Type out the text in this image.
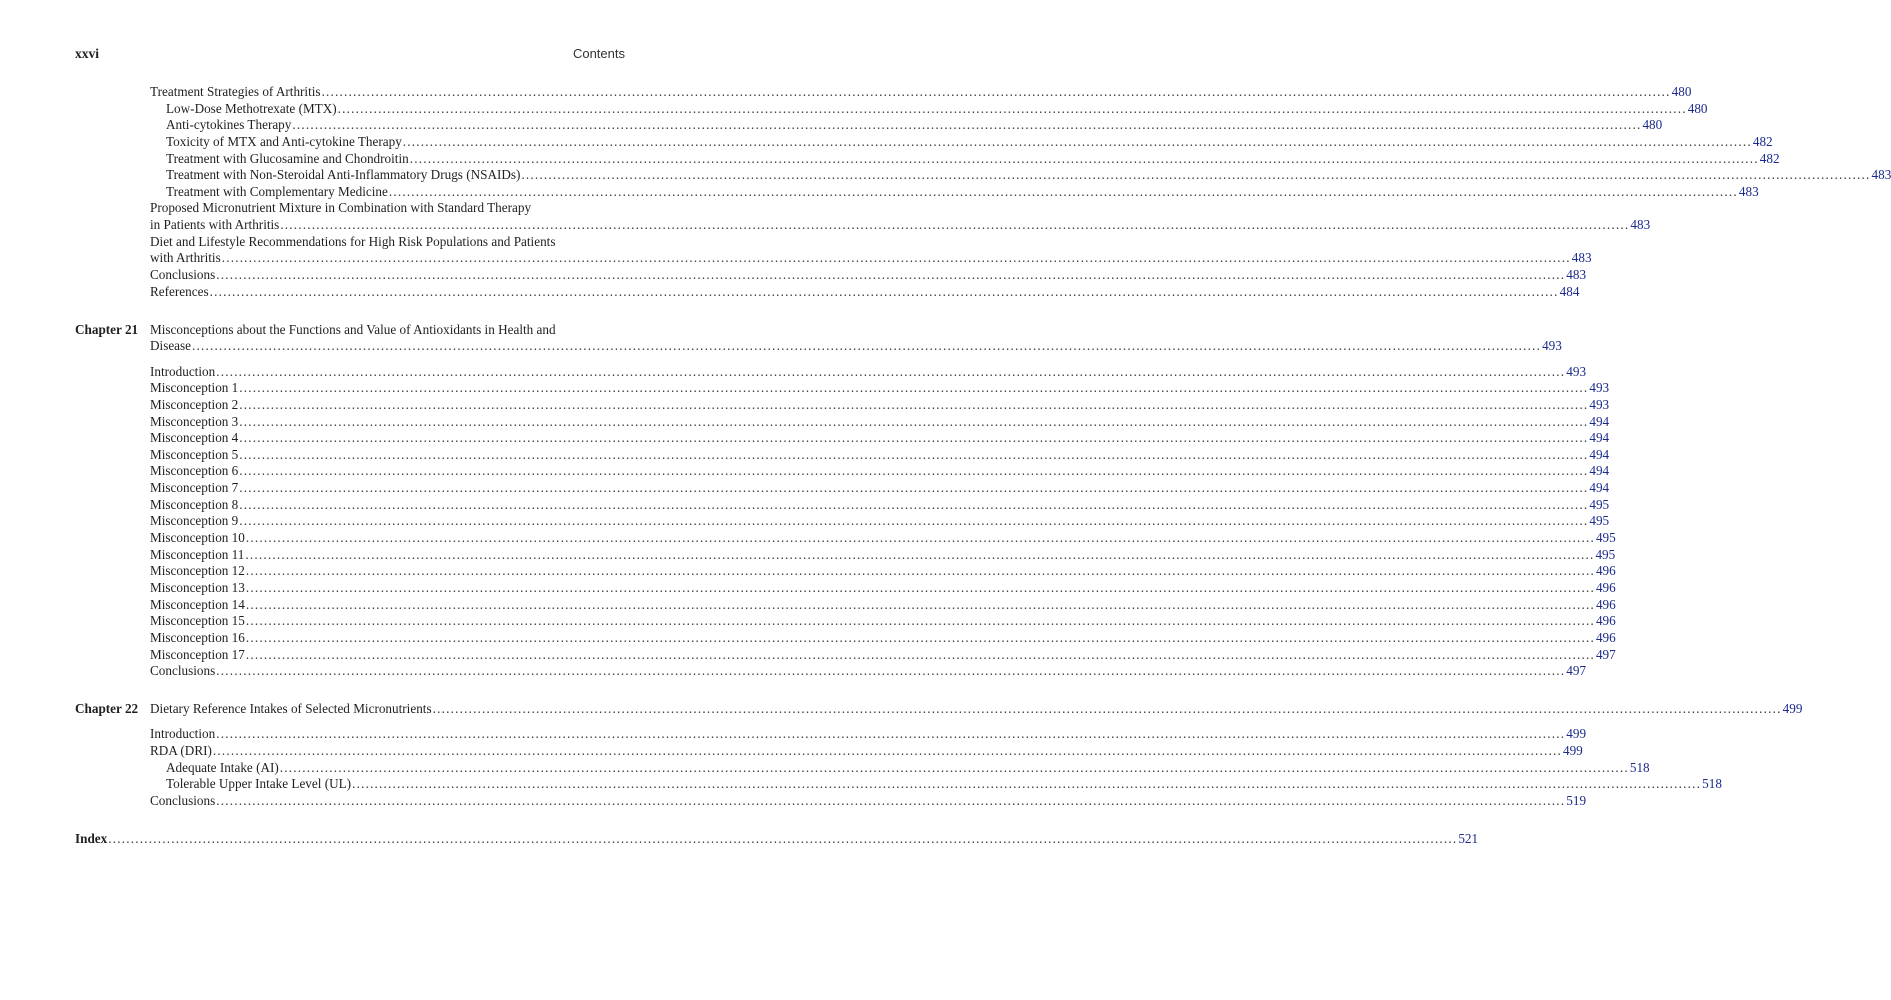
xxvi	Contents
Treatment Strategies of Arthritis ............................................................................................................................................................................................................................................................................................................ 480
Low-Dose Methotrexate (MTX) ............................................................................................................................................................................................................................................................................................................ 480
Anti-cytokines Therapy ............................................................................................................................................................................................................................................................................................................ 480
Toxicity of MTX and Anti-cytokine Therapy ............................................................................................................................................................................................................................................................................................................ 482
Treatment with Glucosamine and Chondroitin ............................................................................................................................................................................................................................................................................................................ 482
Treatment with Non-Steroidal Anti-Inflammatory Drugs (NSAIDs) ............................................................................................................................................................................................................................................................................................................ 483
Treatment with Complementary Medicine ............................................................................................................................................................................................................................................................................................................ 483
Proposed Micronutrient Mixture in Combination with Standard Therapy
in Patients with Arthritis ............................................................................................................................................................................................................................................................................................................ 483
Diet and Lifestyle Recommendations for High Risk Populations and Patients
with Arthritis ............................................................................................................................................................................................................................................................................................................ 483
Conclusions ............................................................................................................................................................................................................................................................................................................ 483
References ............................................................................................................................................................................................................................................................................................................ 484
Chapter 21 Misconceptions about the Functions and Value of Antioxidants in Health and
Disease ............................................................................................................................................................................................................................................................................................................ 493
Introduction ............................................................................................................................................................................................................................................................................................................ 493
Misconception 1 ............................................................................................................................................................................................................................................................................................................ 493
Misconception 2 ............................................................................................................................................................................................................................................................................................................ 493
Misconception 3 ............................................................................................................................................................................................................................................................................................................ 494
Misconception 4 ............................................................................................................................................................................................................................................................................................................ 494
Misconception 5 ............................................................................................................................................................................................................................................................................................................ 494
Misconception 6 ............................................................................................................................................................................................................................................................................................................ 494
Misconception 7 ............................................................................................................................................................................................................................................................................................................ 494
Misconception 8 ............................................................................................................................................................................................................................................................................................................ 495
Misconception 9 ............................................................................................................................................................................................................................................................................................................ 495
Misconception 10 ............................................................................................................................................................................................................................................................................................................ 495
Misconception 11 ............................................................................................................................................................................................................................................................................................................ 495
Misconception 12 ............................................................................................................................................................................................................................................................................................................ 496
Misconception 13 ............................................................................................................................................................................................................................................................................................................ 496
Misconception 14 ............................................................................................................................................................................................................................................................................................................ 496
Misconception 15 ............................................................................................................................................................................................................................................................................................................ 496
Misconception 16 ............................................................................................................................................................................................................................................................................................................ 496
Misconception 17 ............................................................................................................................................................................................................................................................................................................ 497
Conclusions ............................................................................................................................................................................................................................................................................................................ 497
Chapter 22 Dietary Reference Intakes of Selected Micronutrients ............................................................................................................................................................................................................................................................................................................ 499
Introduction ............................................................................................................................................................................................................................................................................................................ 499
RDA (DRI) ............................................................................................................................................................................................................................................................................................................ 499
Adequate Intake (AI) ............................................................................................................................................................................................................................................................................................................ 518
Tolerable Upper Intake Level (UL) ............................................................................................................................................................................................................................................................................................................ 518
Conclusions ............................................................................................................................................................................................................................................................................................................ 519
Index ............................................................................................................................................................................................................................................................................................................ 521
